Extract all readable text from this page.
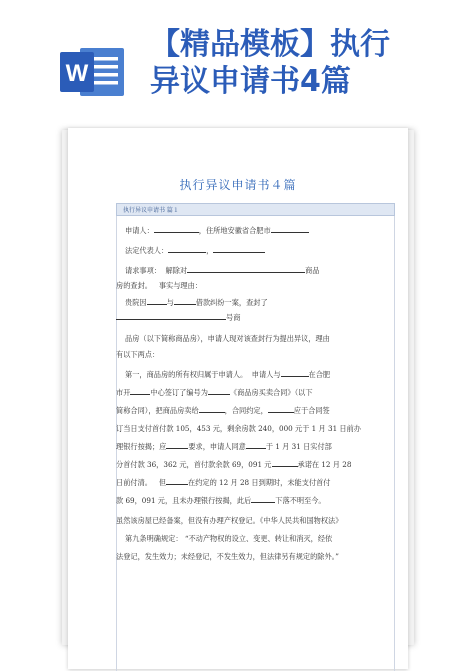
W
【精品模板】执行
异议申请书4篇
执行异议申请书４篇
执行异议申请书 篇１
申请人：	，住所地安徽省合肥市
法定代表人：	，
请求事项： 解除对	商品
房的查封。 事实与理由：
贵院因	与	借款纠纷一案，查封了
号商
品房（以下简称商品房），申请人现对该查封行为提出异议，理由
有以下两点：
第一，商品房的所有权归属于申请人。 申请人与	在合肥
市开	中心签订了编号为	《商品房买卖合同》（以下
简称合同），把商品房卖给	，合同约定，	应于合同签
订当日支付首付款 105，453 元，剩余房款 240，000 元于 1 月 31 日前办
理银行按揭；应	要求，申请人同意	于 1 月 31 日实付部
分首付款 36，362 元，首付款余款 69，091 元	承诺在 12 月 28
日前付清。 但	在约定的 12 月 28 日到期时，未能支付首付
款 69，091 元，且未办理银行按揭，此后	下落不明至今。
虽然该房屋已经备案，但没有办理产权登记。《中华人民共和国物权法》
第九条明确规定： “不动产物权的设立、变更、转让和消灭，经依
法登记，发生效力；未经登记，不发生效力，但法律另有规定的除外。”
